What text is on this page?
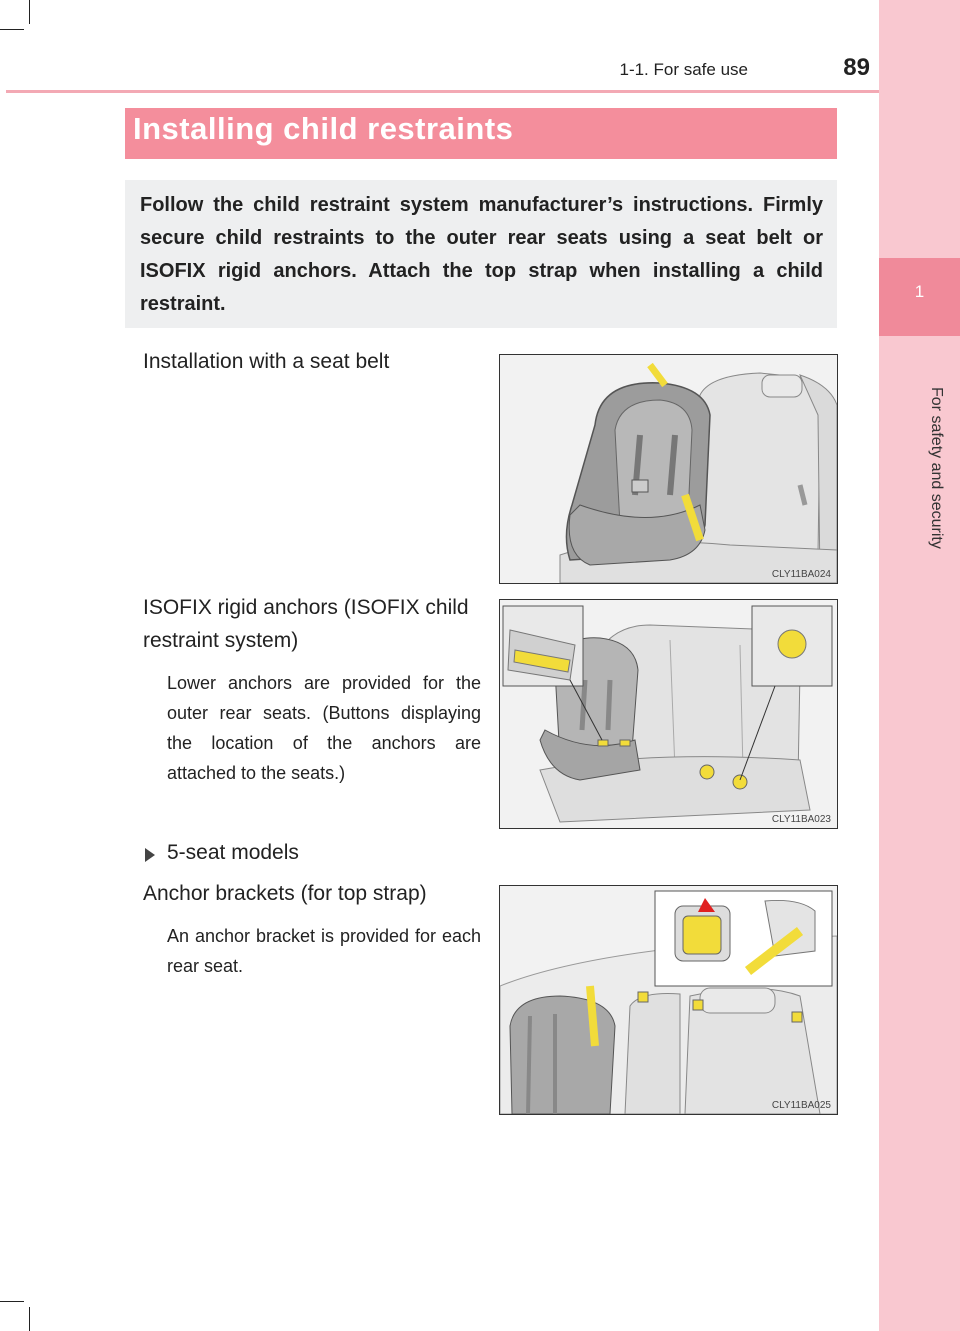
1
For safety and security
1-1. For safe use	89
Installing child restraints
Follow the child restraint system manufacturer’s instructions. Firmly secure child restraints to the outer rear seats using a seat belt or ISOFIX rigid anchors. Attach the top strap when installing a child restraint.
Installation with a seat belt
CLY11BA024
ISOFIX rigid anchors (ISOFIX child
restraint system)
Lower anchors are provided for the outer rear seats. (Buttons displaying the location of the anchors are attached to the seats.)
CLY11BA023
5-seat models
Anchor brackets (for top strap)
An anchor bracket is provided for each rear seat.
CLY11BA025
